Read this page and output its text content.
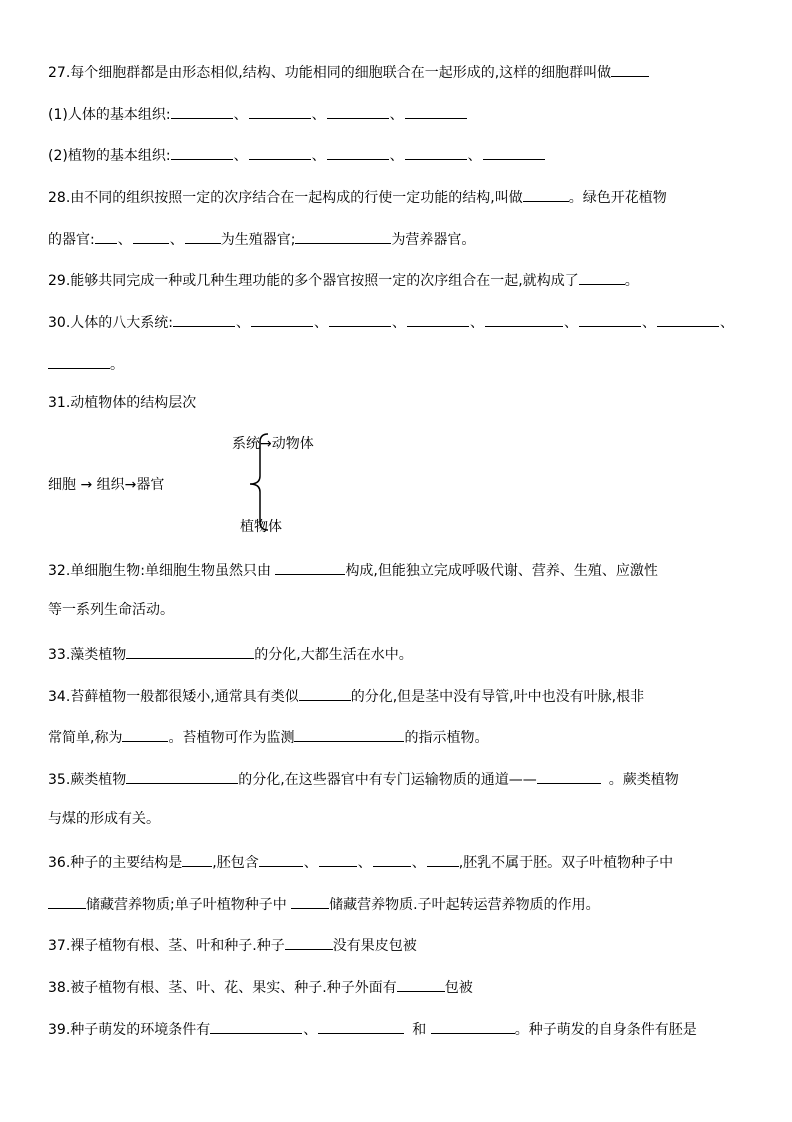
27.每个细胞群都是由形态相似,结构、功能相同的细胞联合在一起形成的,这样的细胞群叫做
(1)人体的基本组织:	、	、	、
(2)植物的基本组织:	、	、	、	、
28.由不同的组织按照一定的次序结合在一起构成的行使一定功能的结构,叫做	。绿色开花植物
的器官: 、	、	为生殖器官;	为营养器官。
29.能够共同完成一种或几种生理功能的多个器官按照一定的次序组合在一起,就构成了	。
30.人体的八大系统:	、	、	、	、	、	、	、
。
31.动植物体的结构层次
细胞 → 组织→器官
系统→动物体
植物体
32.单细胞生物:单细胞生物虽然只由	构成,但能独立完成呼吸代谢、营养、生殖、应激性
等一系列生命活动。
33.藻类植物	的分化,大都生活在水中。
34.苔藓植物一般都很矮小,通常具有类似	的分化,但是茎中没有导管,叶中也没有叶脉,根非
常简单,称为	。苔植物可作为监测	的指示植物。
35.蕨类植物	的分化,在这些器官中有专门运输物质的通道——	。蕨类植物
与煤的形成有关。
36.种子的主要结构是 ,胚包含	、	、	、 ,胚乳不属于胚。双子叶植物种子中
储藏营养物质;单子叶植物种子中	储藏营养物质.子叶起转运营养物质的作用。
37.裸子植物有根、茎、叶和种子.种子	没有果皮包被
38.被子植物有根、茎、叶、花、果实、种子.种子外面有	包被
39.种子萌发的环境条件有	、	和	。种子萌发的自身条件有胚是
